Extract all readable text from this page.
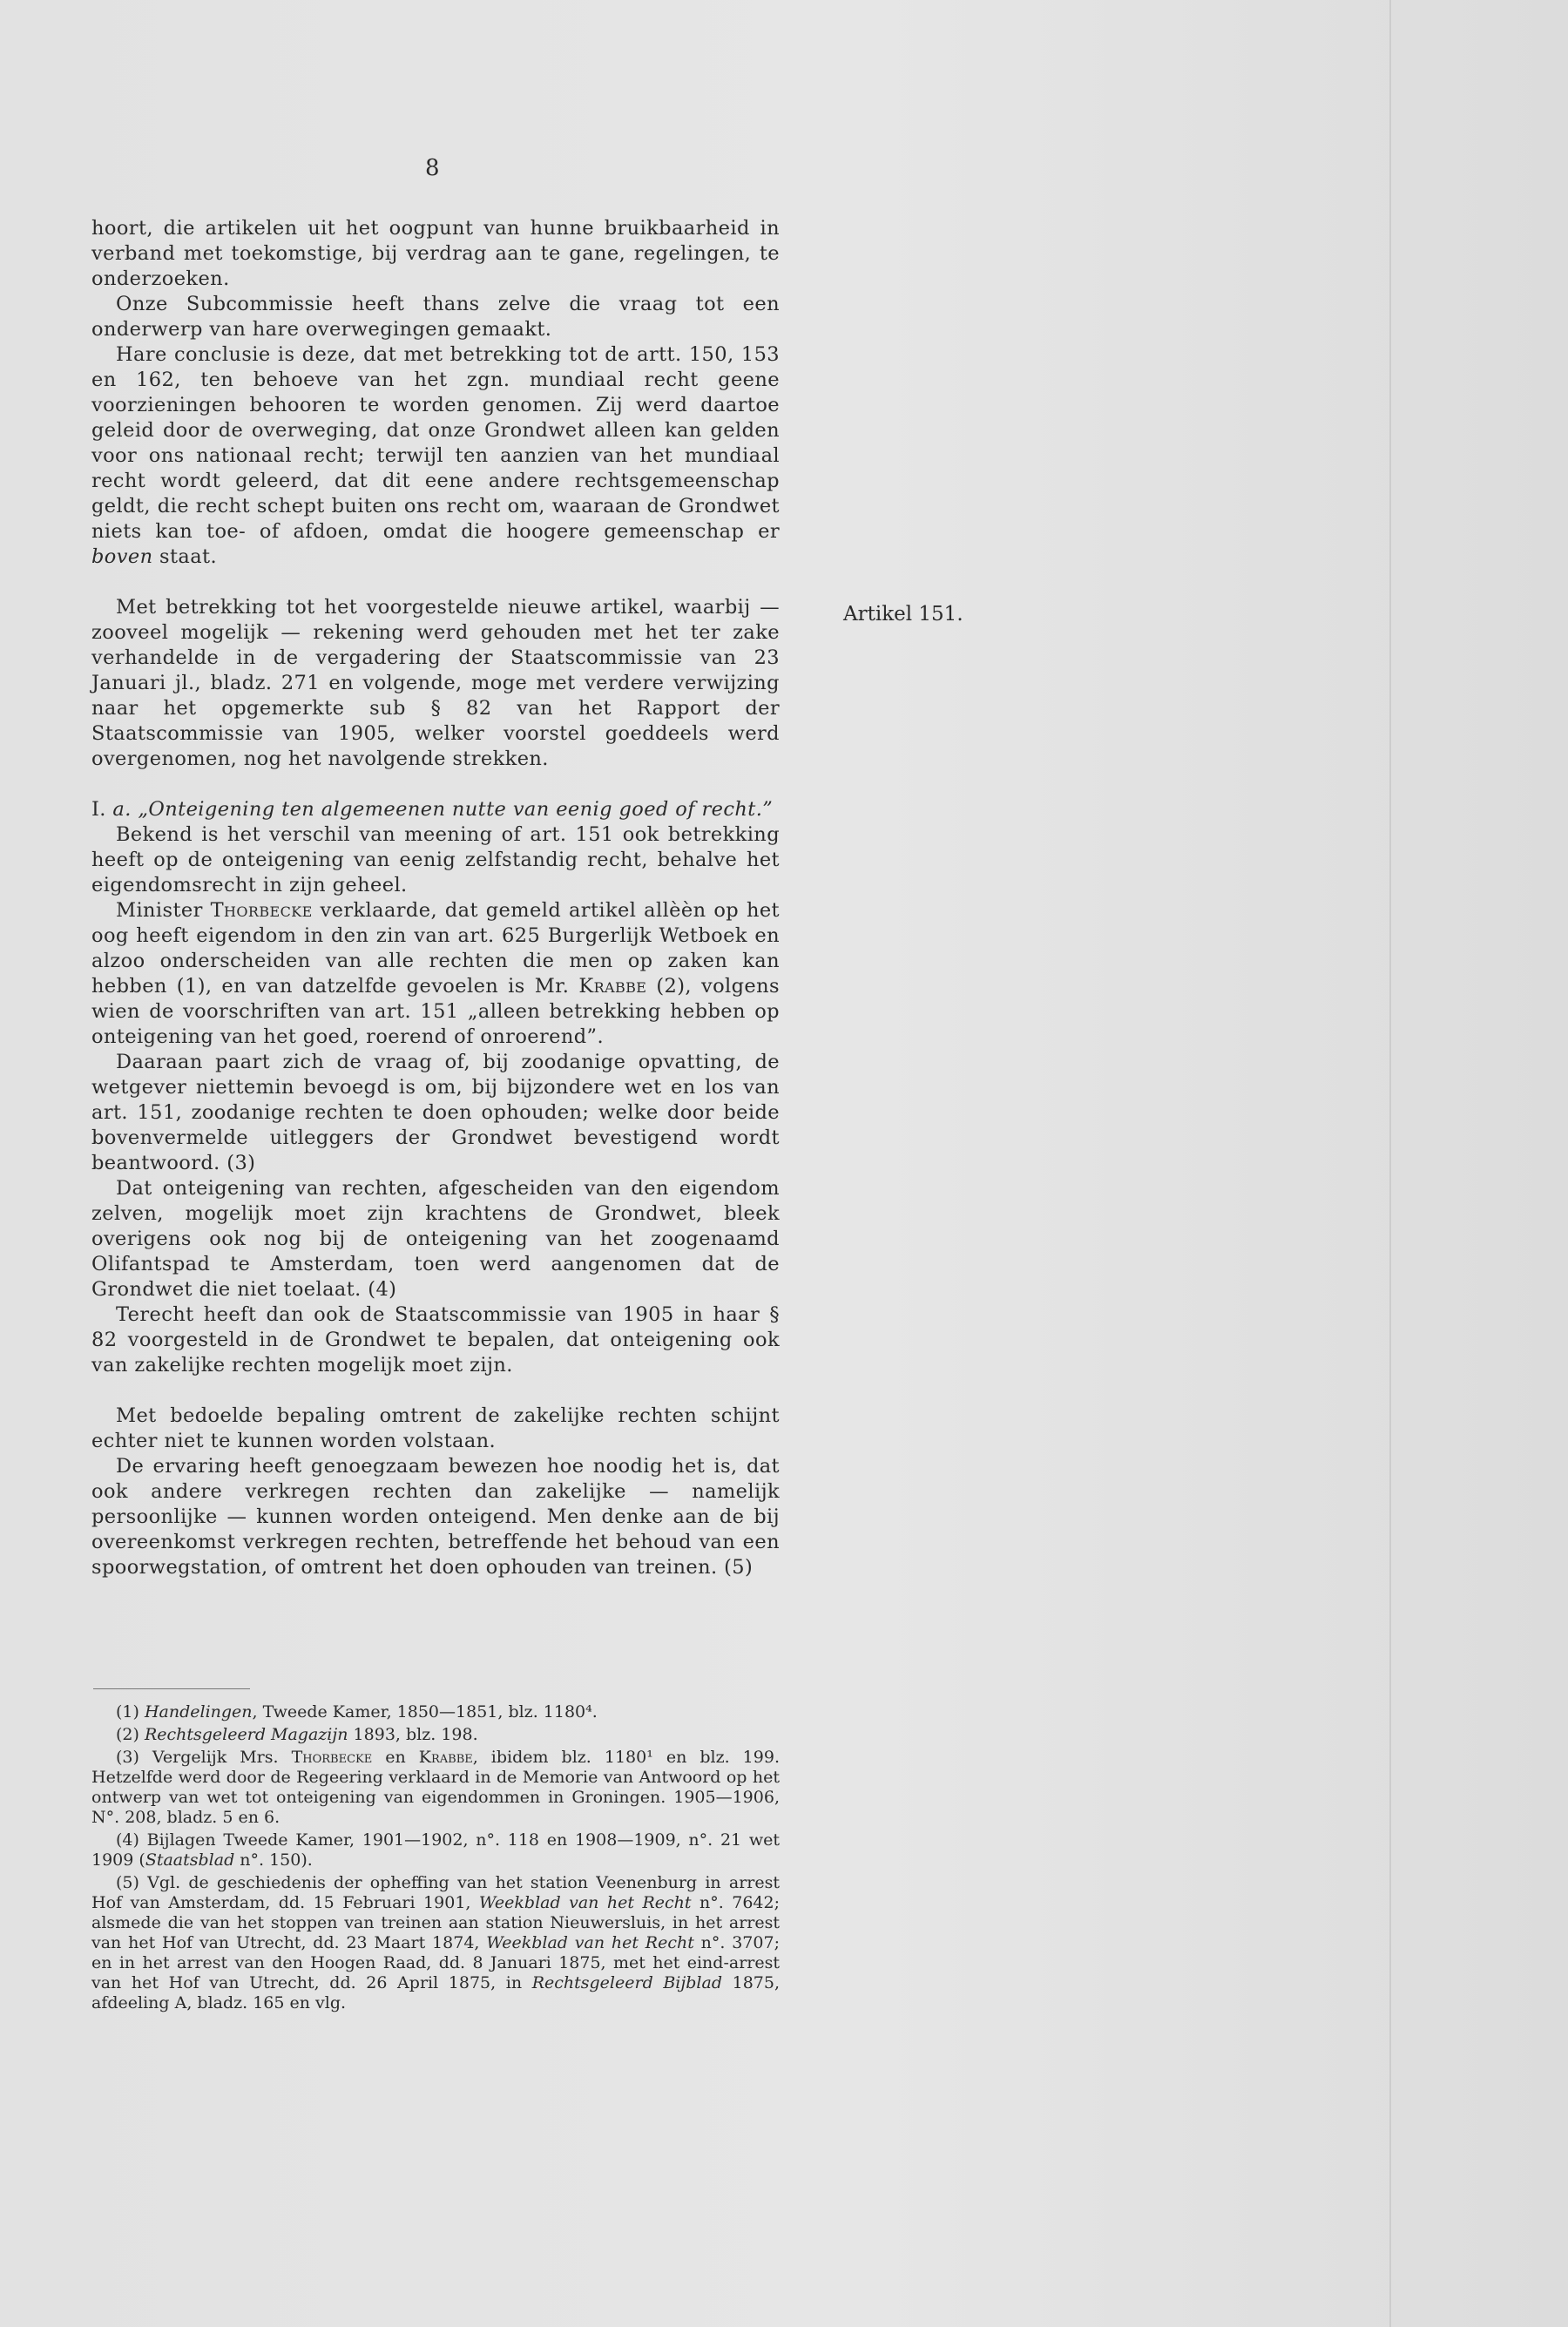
8
Artikel 151.

hoort, die artikelen uit het oogpunt van hunne bruikbaarheid in verband met toekomstige, bij verdrag aan te gane, regelingen, te onderzoeken.

Onze Subcommissie heeft thans zelve die vraag tot een onderwerp van hare overwegingen gemaakt.

Hare conclusie is deze, dat met betrekking tot de artt. 150, 153 en 162, ten behoeve van het zgn. mundiaal recht geene voorzieningen behooren te worden genomen. Zij werd daartoe geleid door de overweging, dat onze Grondwet alleen kan gelden voor ons nationaal recht; terwijl ten aanzien van het mundiaal recht wordt geleerd, dat dit eene andere rechtsgemeenschap geldt, die recht schept buiten ons recht om, waaraan de Grondwet niets kan toe- of afdoen, omdat die hoogere gemeenschap er boven staat.

Met betrekking tot het voorgestelde nieuwe artikel, waarbij — zooveel mogelijk — rekening werd gehouden met het ter zake verhandelde in de vergadering der Staatscommissie van 23 Januari jl., bladz. 271 en volgende, moge met verdere verwijzing naar het opgemerkte sub § 82 van het Rapport der Staatscommissie van 1905, welker voorstel goeddeels werd overgenomen, nog het navolgende strekken.

I. a. „Onteigening ten algemeenen nutte van eenig goed of recht.”

Bekend is het verschil van meening of art. 151 ook betrekking heeft op de onteigening van eenig zelfstandig recht, behalve het eigendomsrecht in zijn geheel.

Minister Thorbecke verklaarde, dat gemeld artikel allèèn op het oog heeft eigendom in den zin van art. 625 Burgerlijk Wetboek en alzoo onderscheiden van alle rechten die men op zaken kan hebben (1), en van datzelfde gevoelen is Mr. Krabbe (2), volgens wien de voorschriften van art. 151 „alleen betrekking hebben op onteigening van het goed, roerend of onroerend”.

Daaraan paart zich de vraag of, bij zoodanige opvatting, de wetgever niettemin bevoegd is om, bij bijzondere wet en los van art. 151, zoodanige rechten te doen ophouden; welke door beide bovenvermelde uitleggers der Grondwet bevestigend wordt beantwoord. (3)

Dat onteigening van rechten, afgescheiden van den eigendom zelven, mogelijk moet zijn krachtens de Grondwet, bleek overigens ook nog bij de onteigening van het zoogenaamd Olifantspad te Amsterdam, toen werd aangenomen dat de Grondwet die niet toelaat. (4)

Terecht heeft dan ook de Staatscommissie van 1905 in haar § 82 voorgesteld in de Grondwet te bepalen, dat onteigening ook van zakelijke rechten mogelijk moet zijn.

Met bedoelde bepaling omtrent de zakelijke rechten schijnt echter niet te kunnen worden volstaan.

De ervaring heeft genoegzaam bewezen hoe noodig het is, dat ook andere verkregen rechten dan zakelijke — namelijk persoonlijke — kunnen worden onteigend. Men denke aan de bij overeenkomst verkregen rechten, betreffende het behoud van een spoorwegstation, of omtrent het doen ophouden van treinen. (5)

(1) Handelingen, Tweede Kamer, 1850—1851, blz. 1180⁴.

(2) Rechtsgeleerd Magazijn 1893, blz. 198.

(3) Vergelijk Mrs. Thorbecke en Krabbe, ibidem blz. 1180¹ en blz. 199. Hetzelfde werd door de Regeering verklaard in de Memorie van Antwoord op het ontwerp van wet tot onteigening van eigendommen in Groningen. 1905—1906, N°. 208, bladz. 5 en 6.

(4) Bijlagen Tweede Kamer, 1901—1902, n°. 118 en 1908—1909, n°. 21 wet 1909 (Staatsblad n°. 150).

(5) Vgl. de geschiedenis der opheffing van het station Veenenburg in arrest Hof van Amsterdam, dd. 15 Februari 1901, Weekblad van het Recht n°. 7642; alsmede die van het stoppen van treinen aan station Nieuwersluis, in het arrest van het Hof van Utrecht, dd. 23 Maart 1874, Weekblad van het Recht n°. 3707; en in het arrest van den Hoogen Raad, dd. 8 Januari 1875, met het eind-arrest van het Hof van Utrecht, dd. 26 April 1875, in Rechtsgeleerd Bijblad 1875, afdeeling A, bladz. 165 en vlg.
